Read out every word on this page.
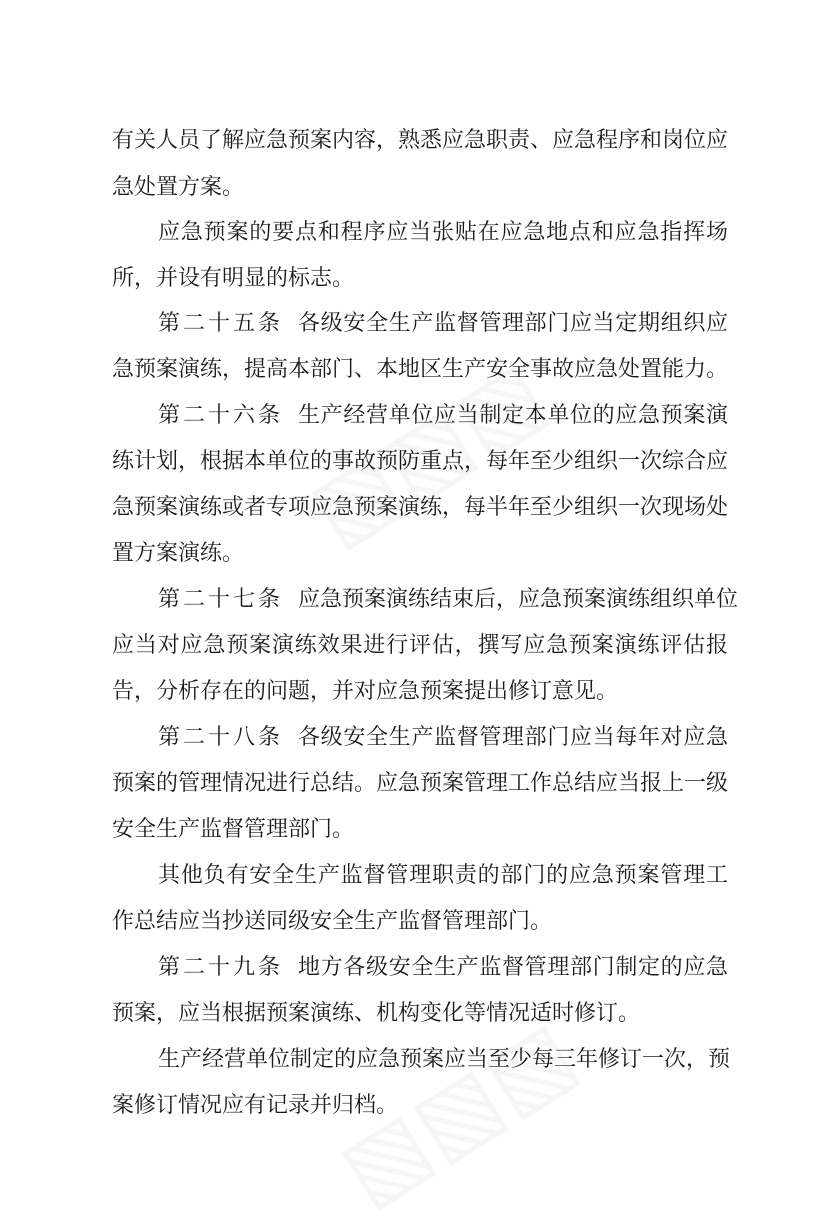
有关人员了解应急预案内容，熟悉应急职责、应急程序和岗位应
急处置方案。
应急预案的要点和程序应当张贴在应急地点和应急指挥场
所，并设有明显的标志。
第二十五条 各级安全生产监督管理部门应当定期组织应
急预案演练，提高本部门、本地区生产安全事故应急处置能力。
第二十六条 生产经营单位应当制定本单位的应急预案演
练计划，根据本单位的事故预防重点，每年至少组织一次综合应
急预案演练或者专项应急预案演练，每半年至少组织一次现场处
置方案演练。
第二十七条 应急预案演练结束后，应急预案演练组织单位
应当对应急预案演练效果进行评估，撰写应急预案演练评估报
告，分析存在的问题，并对应急预案提出修订意见。
第二十八条 各级安全生产监督管理部门应当每年对应急
预案的管理情况进行总结。应急预案管理工作总结应当报上一级
安全生产监督管理部门。
其他负有安全生产监督管理职责的部门的应急预案管理工
作总结应当抄送同级安全生产监督管理部门。
第二十九条 地方各级安全生产监督管理部门制定的应急
预案，应当根据预案演练、机构变化等情况适时修订。
生产经营单位制定的应急预案应当至少每三年修订一次，预
案修订情况应有记录并归档。
